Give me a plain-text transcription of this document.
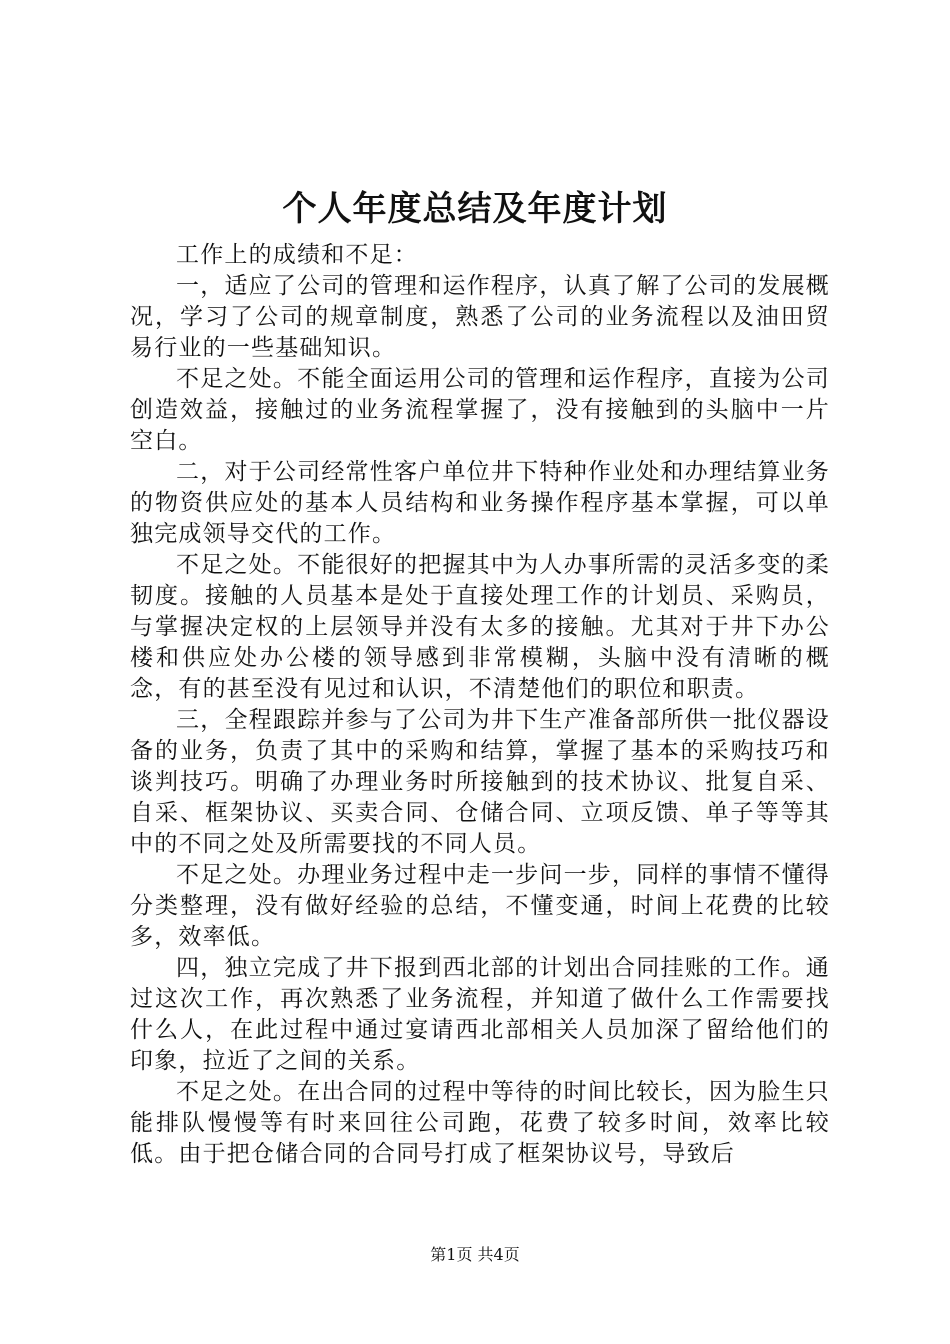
个人年度总结及年度计划

工作上的成绩和不足：

一，适应了公司的管理和运作程序，认真了解了公司的发展概况，学习了公司的规章制度，熟悉了公司的业务流程以及油田贸易行业的一些基础知识。

不足之处。不能全面运用公司的管理和运作程序，直接为公司创造效益，接触过的业务流程掌握了，没有接触到的头脑中一片空白。

二，对于公司经常性客户单位井下特种作业处和办理结算业务的物资供应处的基本人员结构和业务操作程序基本掌握，可以单独完成领导交代的工作。

不足之处。不能很好的把握其中为人办事所需的灵活多变的柔韧度。接触的人员基本是处于直接处理工作的计划员、采购员，与掌握决定权的上层领导并没有太多的接触。尤其对于井下办公楼和供应处办公楼的领导感到非常模糊，头脑中没有清晰的概念，有的甚至没有见过和认识，不清楚他们的职位和职责。

三，全程跟踪并参与了公司为井下生产准备部所供一批仪器设备的业务，负责了其中的采购和结算，掌握了基本的采购技巧和谈判技巧。明确了办理业务时所接触到的技术协议、批复自采、自采、框架协议、买卖合同、仓储合同、立项反馈、单子等等其中的不同之处及所需要找的不同人员。

不足之处。办理业务过程中走一步问一步，同样的事情不懂得分类整理，没有做好经验的总结，不懂变通，时间上花费的比较多，效率低。

四，独立完成了井下报到西北部的计划出合同挂账的工作。通过这次工作，再次熟悉了业务流程，并知道了做什么工作需要找什么人，在此过程中通过宴请西北部相关人员加深了留给他们的印象，拉近了之间的关系。

不足之处。在出合同的过程中等待的时间比较长，因为脸生只能排队慢慢等有时来回往公司跑，花费了较多时间，效率比较低。由于把仓储合同的合同号打成了框架协议号，导致后

第1页 共4页
